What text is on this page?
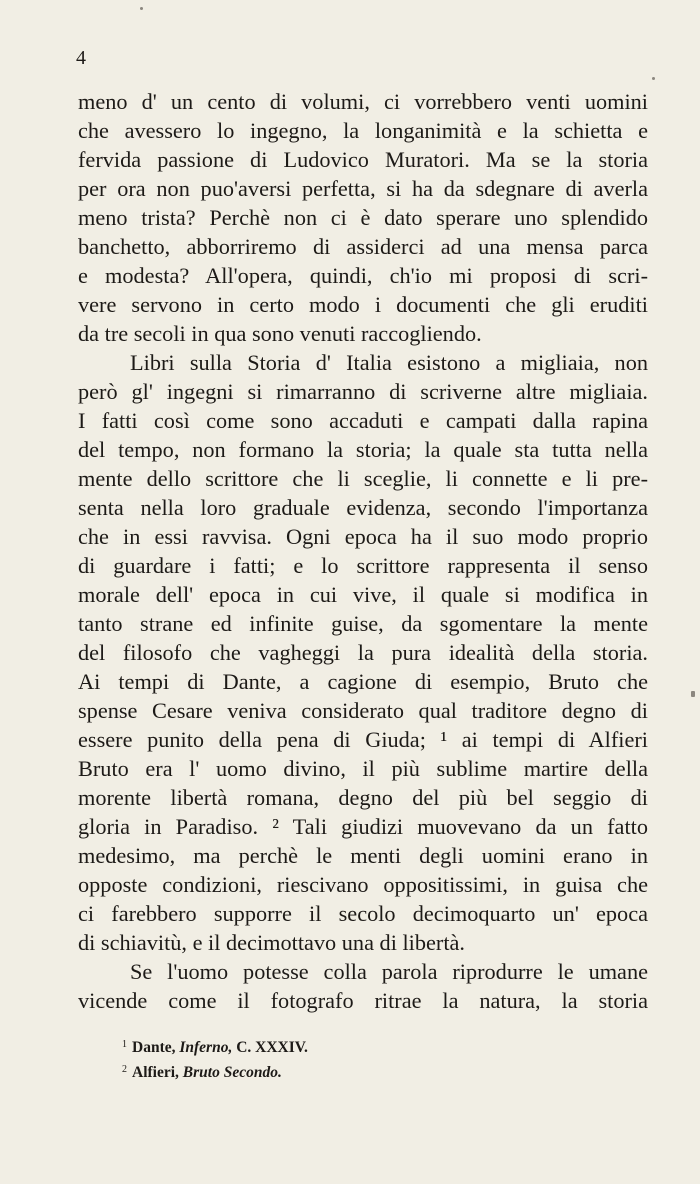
4
meno d' un cento di volumi, ci vorrebbero venti uomini
che avessero lo ingegno, la longanimità e la schietta e
fervida passione di Ludovico Muratori. Ma se la storia
per ora non puo'aversi perfetta, si ha da sdegnare di averla
meno trista? Perchè non ci è dato sperare uno splendido
banchetto, abborriremo di assiderci ad una mensa parca
e modesta? All'opera, quindi, ch'io mi proposi di scri-
vere servono in certo modo i documenti che gli eruditi
da tre secoli in qua sono venuti raccogliendo.
Libri sulla Storia d' Italia esistono a migliaia, non
però gl' ingegni si rimarranno di scriverne altre migliaia.
I fatti così come sono accaduti e campati dalla rapina
del tempo, non formano la storia; la quale sta tutta nella
mente dello scrittore che li sceglie, li connette e li pre-
senta nella loro graduale evidenza, secondo l'importanza
che in essi ravvisa. Ogni epoca ha il suo modo proprio
di guardare i fatti; e lo scrittore rappresenta il senso
morale dell' epoca in cui vive, il quale si modifica in
tanto strane ed infinite guise, da sgomentare la mente
del filosofo che vagheggi la pura idealità della storia.
Ai tempi di Dante, a cagione di esempio, Bruto che
spense Cesare veniva considerato qual traditore degno di
essere punito della pena di Giuda; ¹ ai tempi di Alfieri
Bruto era l' uomo divino, il più sublime martire della
morente libertà romana, degno del più bel seggio di
gloria in Paradiso. ² Tali giudizi muovevano da un fatto
medesimo, ma perchè le menti degli uomini erano in
opposte condizioni, riescivano oppositissimi, in guisa che
ci farebbero supporre il secolo decimoquarto un' epoca
di schiavitù, e il decimottavo una di libertà.
Se l'uomo potesse colla parola riprodurre le umane
vicende come il fotografo ritrae la natura, la storia
$^1$ Dante, Inferno, C. XXXIV.
$^2$ Alfieri, Bruto Secondo.
